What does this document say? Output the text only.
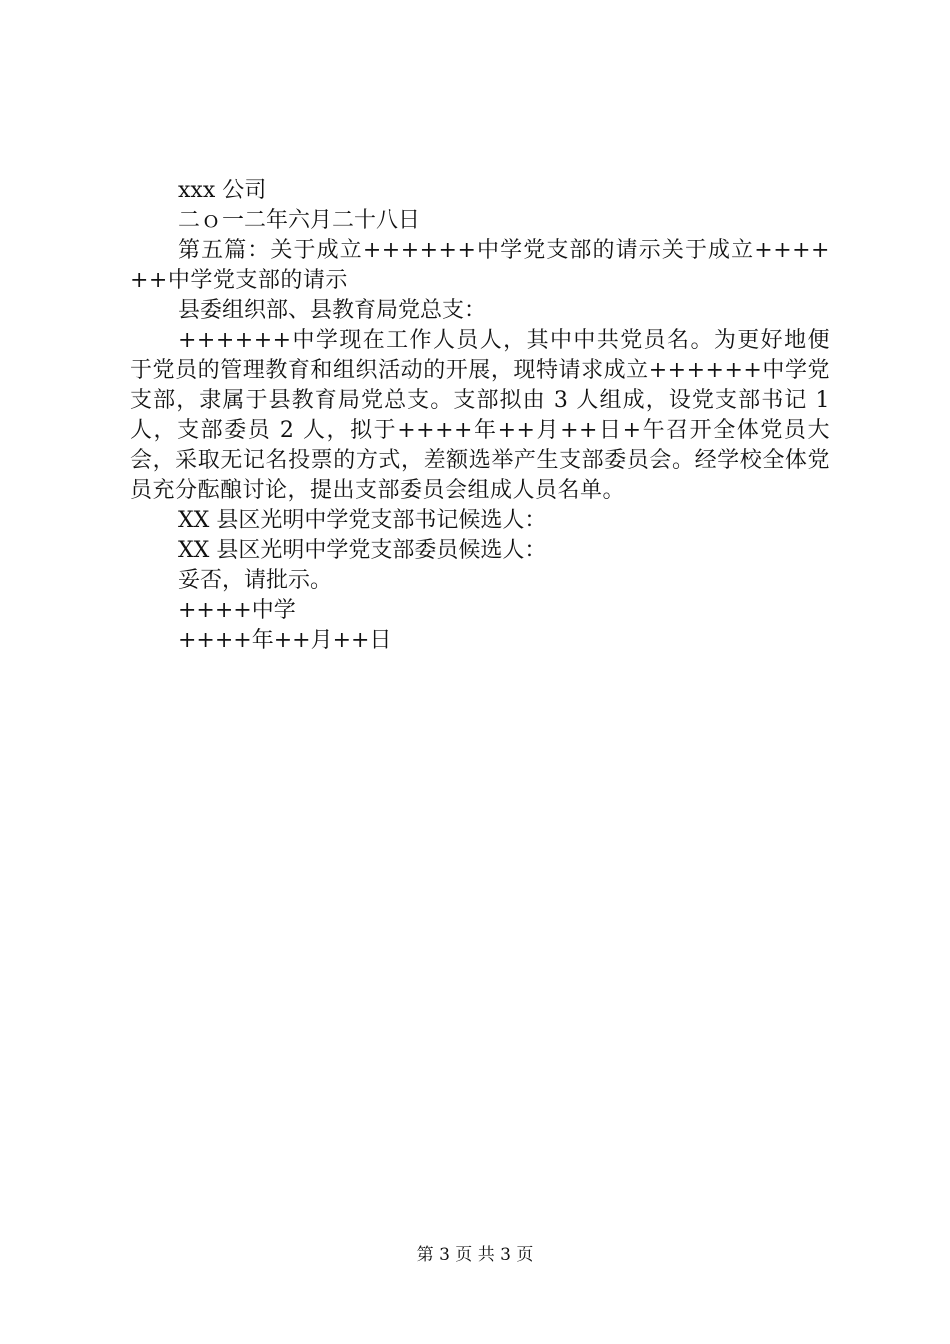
xxx 公司

二ｏ一二年六月二十八日

第五篇：关于成立++++++中学党支部的请示关于成立++++++中学党支部的请示

县委组织部、县教育局党总支：

++++++中学现在工作人员人，其中中共党员名。为更好地便于党员的管理教育和组织活动的开展，现特请求成立++++++中学党支部，隶属于县教育局党总支。支部拟由 3 人组成，设党支部书记 1 人，支部委员 2 人，拟于++++年++月++日+午召开全体党员大会，采取无记名投票的方式，差额选举产生支部委员会。经学校全体党员充分酝酿讨论，提出支部委员会组成人员名单。

XX 县区光明中学党支部书记候选人：

XX 县区光明中学党支部委员候选人：

妥否，请批示。

++++中学

++++年++月++日

第 3 页 共 3 页
